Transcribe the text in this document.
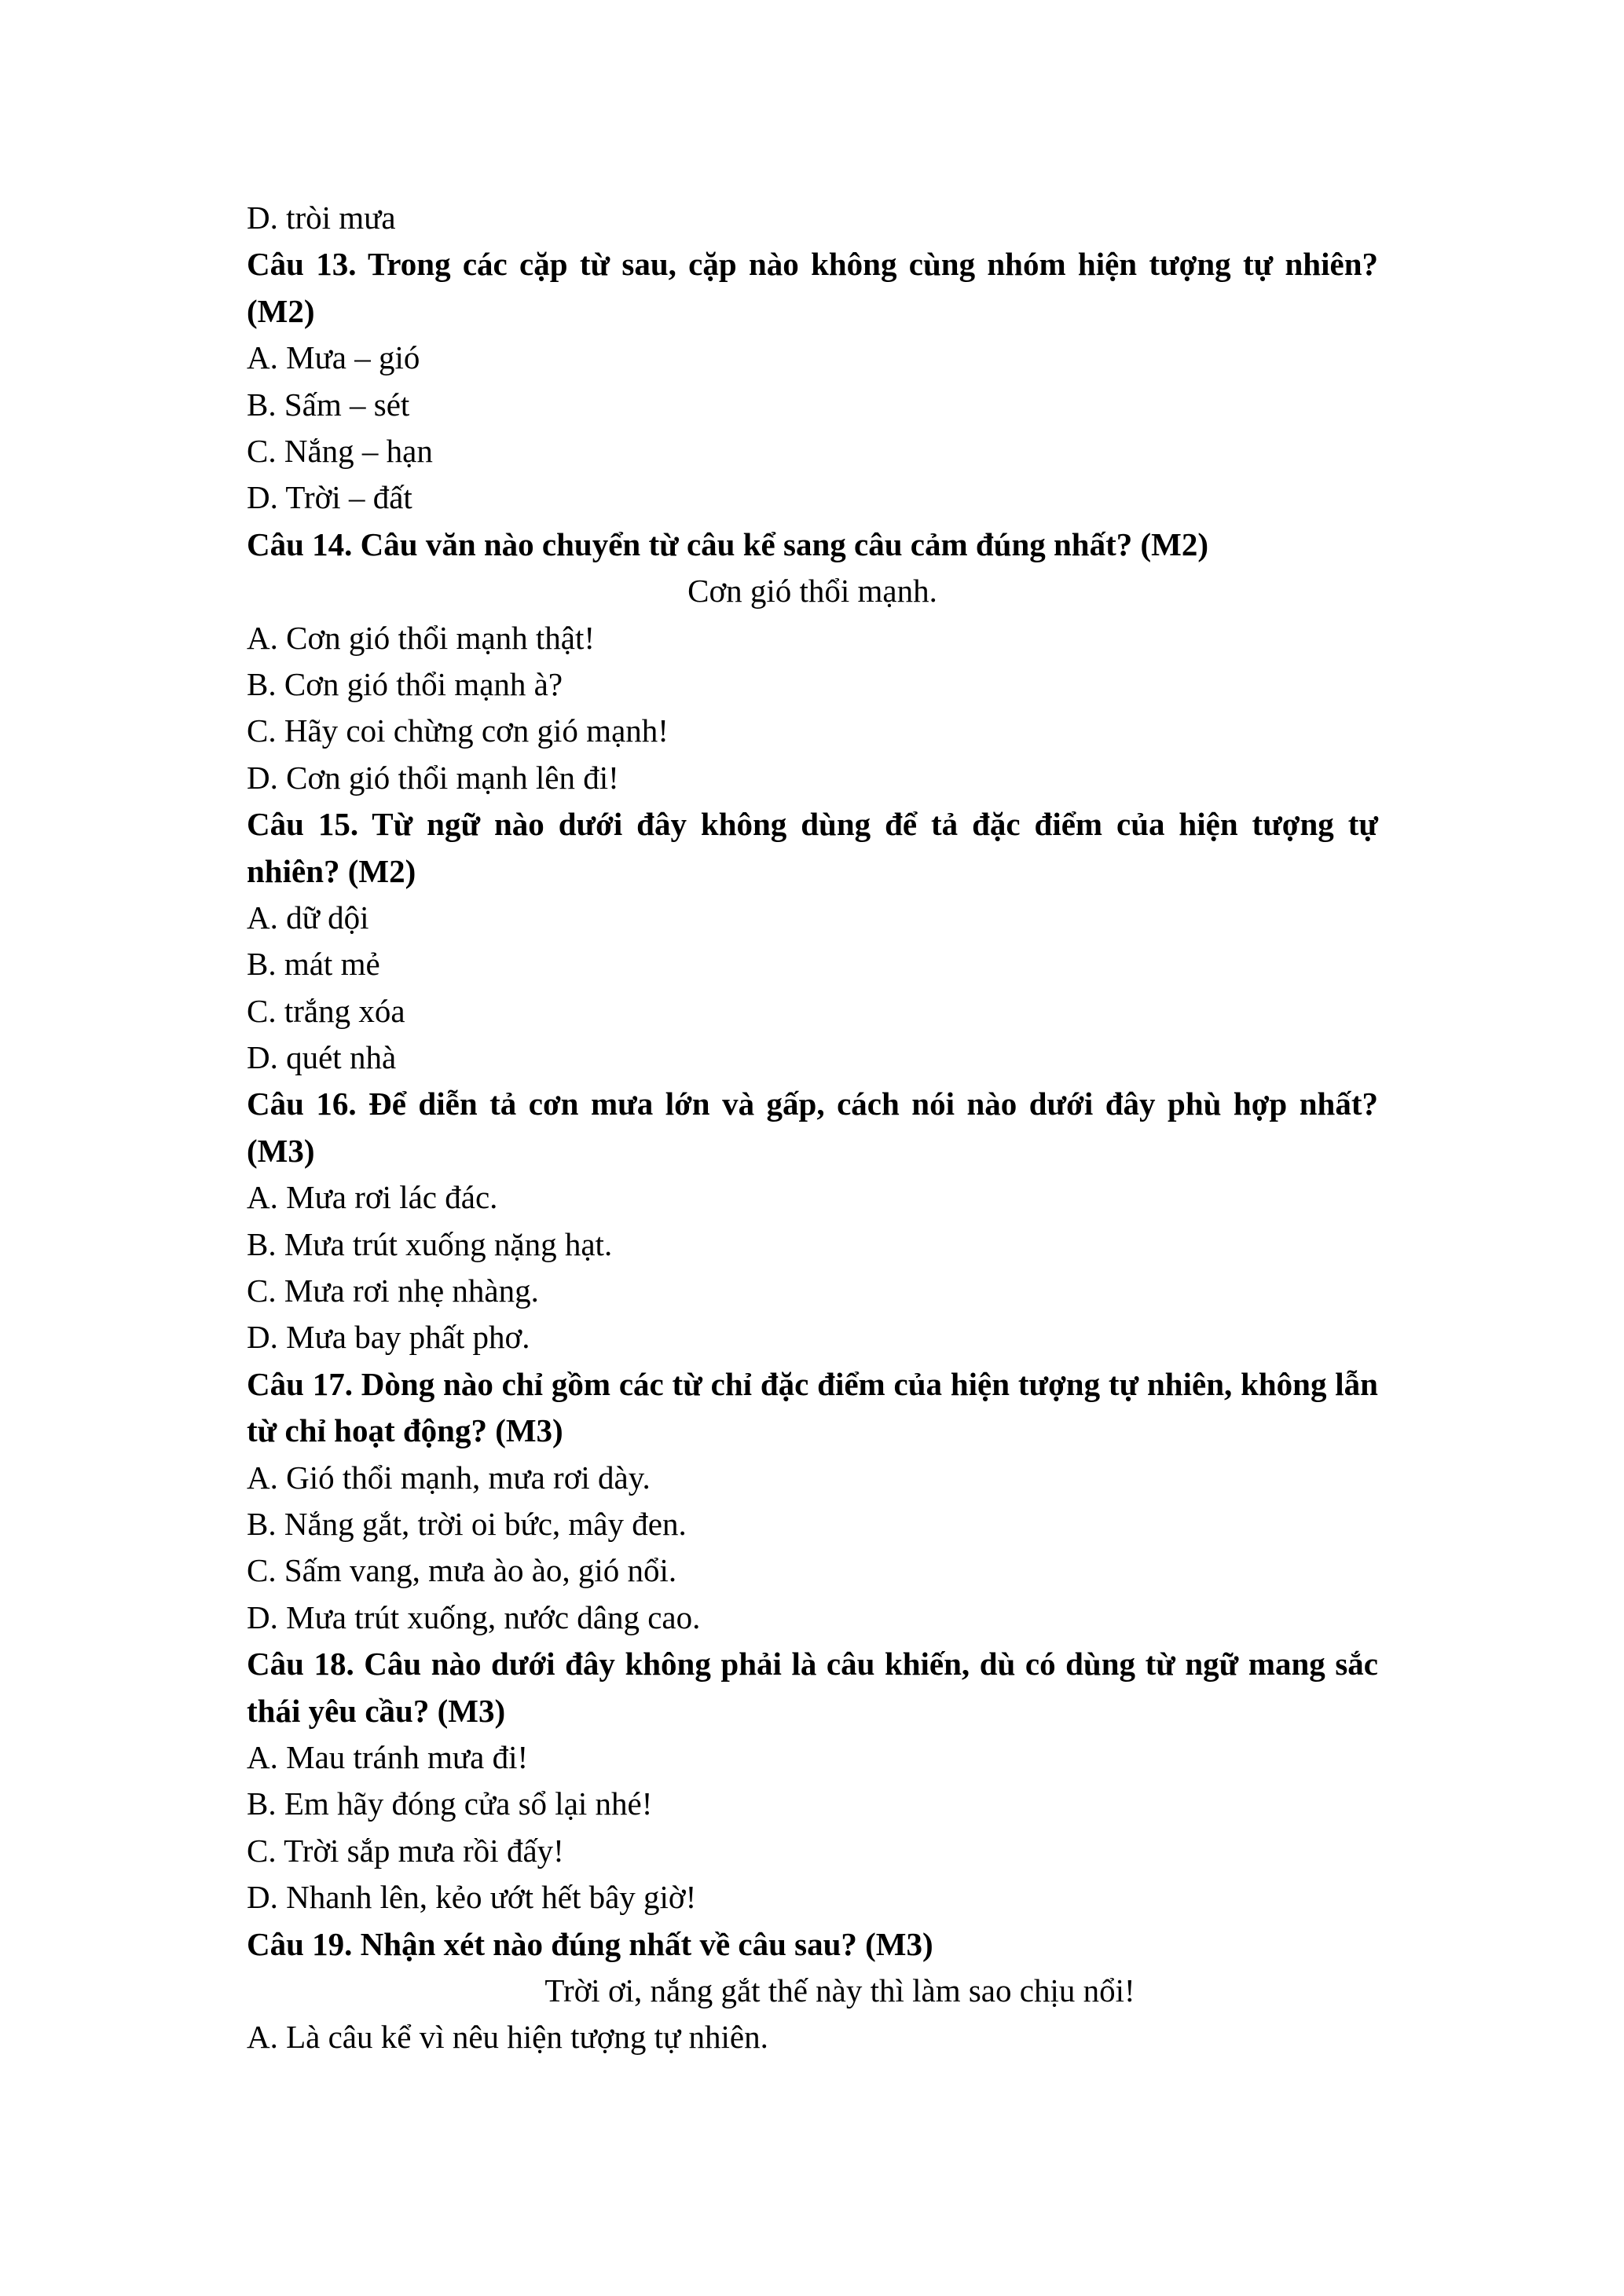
D. tròi mưa
Câu 13. Trong các cặp từ sau, cặp nào không cùng nhóm hiện tượng tự nhiên? (M2)
A. Mưa – gió
B. Sấm – sét
C. Nắng – hạn
D. Trời – đất
Câu 14. Câu văn nào chuyển từ câu kể sang câu cảm đúng nhất? (M2)
Cơn gió thổi mạnh.
A. Cơn gió thổi mạnh thật!
B. Cơn gió thổi mạnh à?
C. Hãy coi chừng cơn gió mạnh!
D. Cơn gió thổi mạnh lên đi!
Câu 15. Từ ngữ nào dưới đây không dùng để tả đặc điểm của hiện tượng tự nhiên? (M2)
A. dữ dội
B. mát mẻ
C. trắng xóa
D. quét nhà
Câu 16. Để diễn tả cơn mưa lớn và gấp, cách nói nào dưới đây phù hợp nhất? (M3)
A. Mưa rơi lác đác.
B. Mưa trút xuống nặng hạt.
C. Mưa rơi nhẹ nhàng.
D. Mưa bay phất phơ.
Câu 17. Dòng nào chỉ gồm các từ chỉ đặc điểm của hiện tượng tự nhiên, không lẫn từ chỉ hoạt động? (M3)
A. Gió thổi mạnh, mưa rơi dày.
B. Nắng gắt, trời oi bức, mây đen.
C. Sấm vang, mưa ào ào, gió nổi.
D. Mưa trút xuống, nước dâng cao.
Câu 18. Câu nào dưới đây không phải là câu khiến, dù có dùng từ ngữ mang sắc thái yêu cầu? (M3)
A. Mau tránh mưa đi!
B. Em hãy đóng cửa sổ lại nhé!
C. Trời sắp mưa rồi đấy!
D. Nhanh lên, kẻo ướt hết bây giờ!
Câu 19. Nhận xét nào đúng nhất về câu sau? (M3)
Trời ơi, nắng gắt thế này thì làm sao chịu nổi!
A. Là câu kể vì nêu hiện tượng tự nhiên.
